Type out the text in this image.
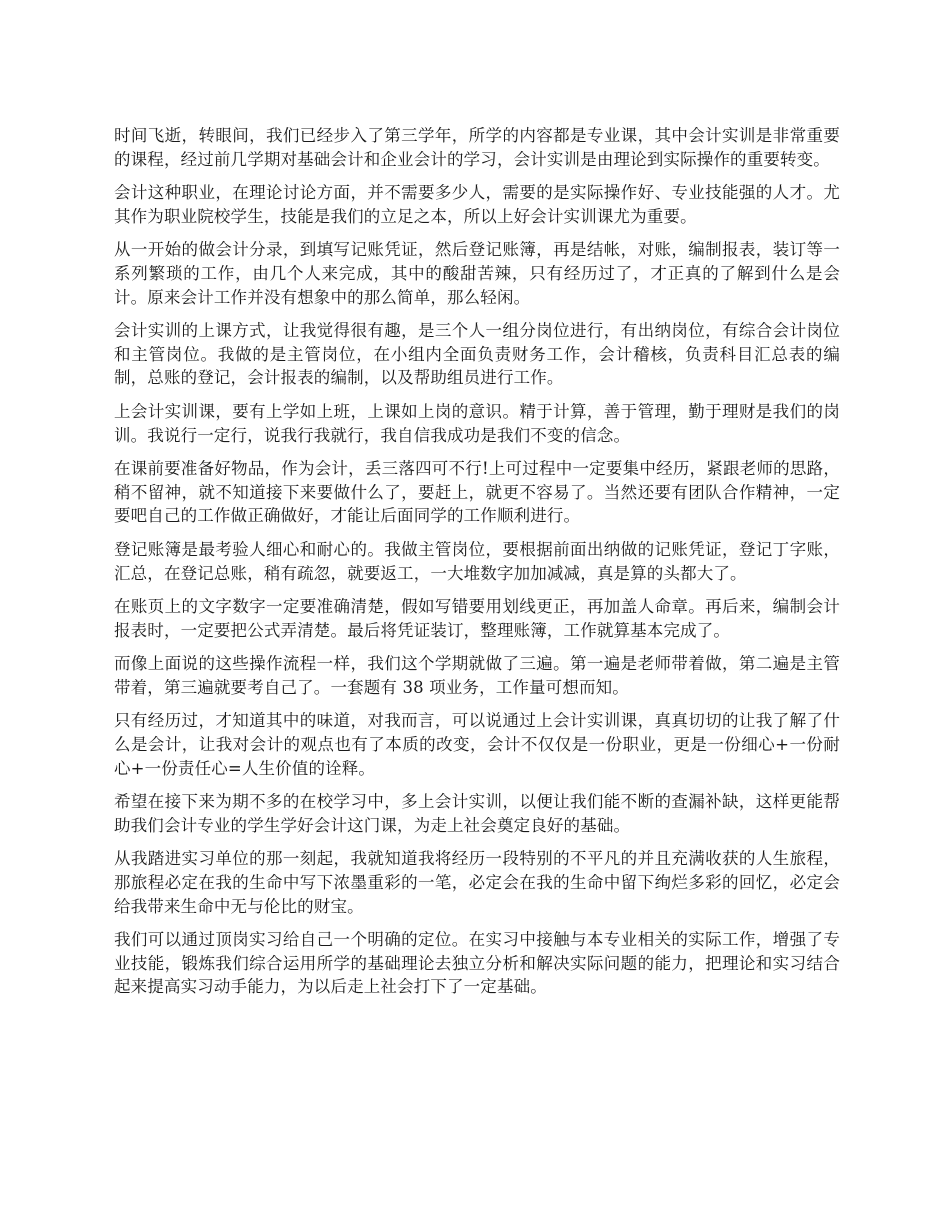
时间飞逝，转眼间，我们已经步入了第三学年，所学的内容都是专业课，其中会计实训是非常重要的课程，经过前几学期对基础会计和企业会计的学习，会计实训是由理论到实际操作的重要转变。

会计这种职业，在理论讨论方面，并不需要多少人，需要的是实际操作好、专业技能强的人才。尤其作为职业院校学生，技能是我们的立足之本，所以上好会计实训课尤为重要。

从一开始的做会计分录，到填写记账凭证，然后登记账簿，再是结帐，对账，编制报表，装订等一系列繁琐的工作，由几个人来完成，其中的酸甜苦辣，只有经历过了，才正真的了解到什么是会计。原来会计工作并没有想象中的那么简单，那么轻闲。

会计实训的上课方式，让我觉得很有趣，是三个人一组分岗位进行，有出纳岗位，有综合会计岗位和主管岗位。我做的是主管岗位，在小组内全面负责财务工作，会计稽核，负责科目汇总表的编制，总账的登记，会计报表的编制，以及帮助组员进行工作。

上会计实训课，要有上学如上班，上课如上岗的意识。精于计算，善于管理，勤于理财是我们的岗训。我说行一定行，说我行我就行，我自信我成功是我们不变的信念。

在课前要准备好物品，作为会计，丢三落四可不行!上可过程中一定要集中经历，紧跟老师的思路，稍不留神，就不知道接下来要做什么了，要赶上，就更不容易了。当然还要有团队合作精神，一定要吧自己的工作做正确做好，才能让后面同学的工作顺利进行。

登记账簿是最考验人细心和耐心的。我做主管岗位，要根据前面出纳做的记账凭证，登记丁字账，汇总，在登记总账，稍有疏忽，就要返工，一大堆数字加加减减，真是算的头都大了。

在账页上的文字数字一定要准确清楚，假如写错要用划线更正，再加盖人命章。再后来，编制会计报表时，一定要把公式弄清楚。最后将凭证装订，整理账簿，工作就算基本完成了。

而像上面说的这些操作流程一样，我们这个学期就做了三遍。第一遍是老师带着做，第二遍是主管带着，第三遍就要考自己了。一套题有 38 项业务，工作量可想而知。

只有经历过，才知道其中的味道，对我而言，可以说通过上会计实训课，真真切切的让我了解了什么是会计，让我对会计的观点也有了本质的改变，会计不仅仅是一份职业，更是一份细心+一份耐心+一份责任心=人生价值的诠释。

希望在接下来为期不多的在校学习中，多上会计实训，以便让我们能不断的查漏补缺，这样更能帮助我们会计专业的学生学好会计这门课，为走上社会奠定良好的基础。

从我踏进实习单位的那一刻起，我就知道我将经历一段特别的不平凡的并且充满收获的人生旅程，那旅程必定在我的生命中写下浓墨重彩的一笔，必定会在我的生命中留下绚烂多彩的回忆，必定会给我带来生命中无与伦比的财宝。

我们可以通过顶岗实习给自己一个明确的定位。在实习中接触与本专业相关的实际工作，增强了专业技能，锻炼我们综合运用所学的基础理论去独立分析和解决实际问题的能力，把理论和实习结合起来提高实习动手能力，为以后走上社会打下了一定基础。
